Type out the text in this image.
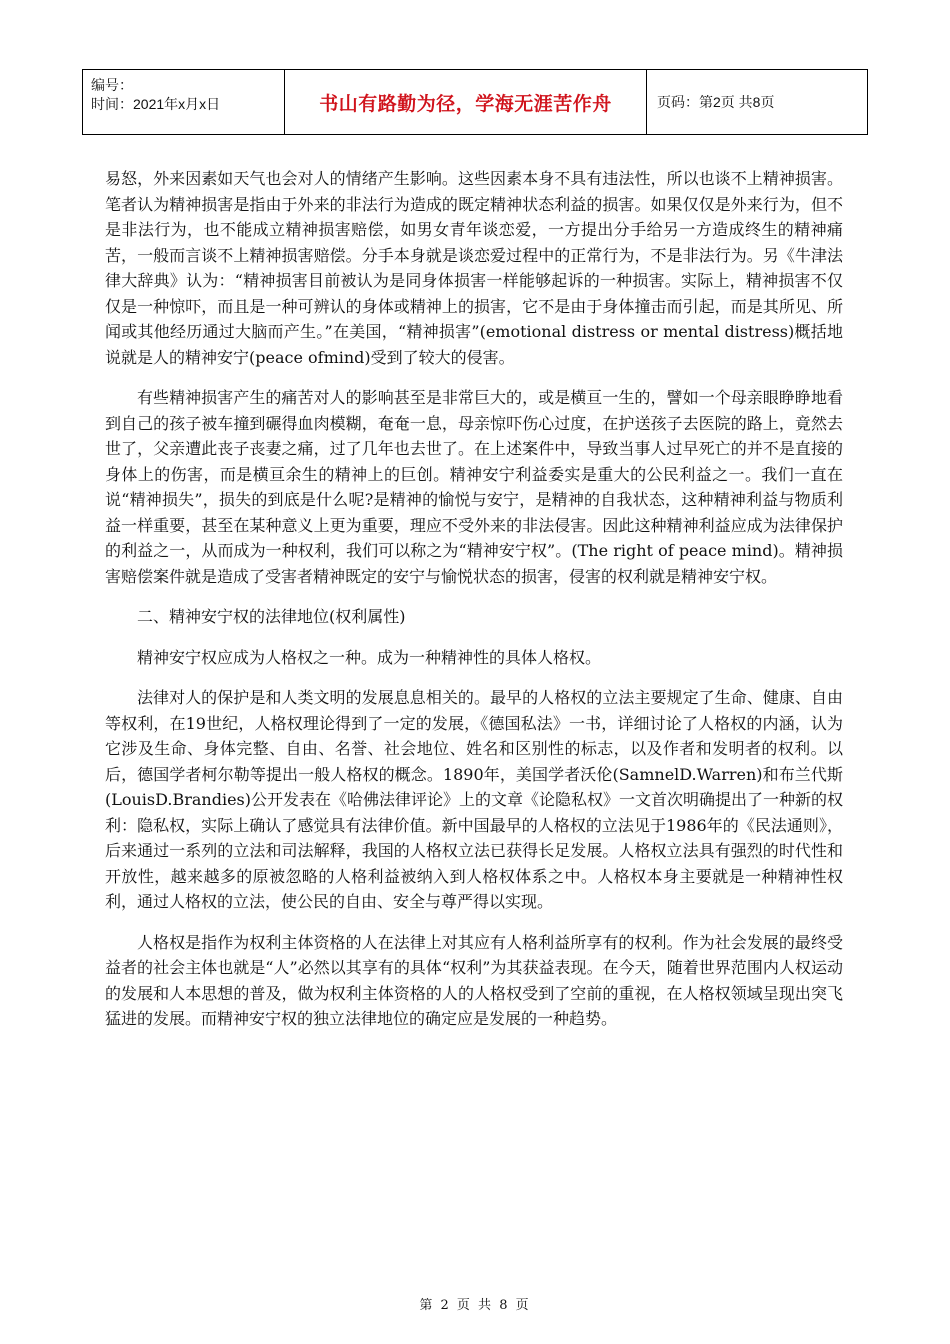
编号：
时间：2021年x月x日	书山有路勤为径，学海无涯苦作舟	页码：第2页 共8页

易怒，外来因素如天气也会对人的情绪产生影响。这些因素本身不具有违法性，所以也谈不上精神损害。笔者认为精神损害是指由于外来的非法行为造成的既定精神状态利益的损害。如果仅仅是外来行为，但不是非法行为，也不能成立精神损害赔偿，如男女青年谈恋爱，一方提出分手给另一方造成终生的精神痛苦，一般而言谈不上精神损害赔偿。分手本身就是谈恋爱过程中的正常行为，不是非法行为。另《牛津法律大辞典》认为：“精神损害目前被认为是同身体损害一样能够起诉的一种损害。实际上，精神损害不仅仅是一种惊吓，而且是一种可辨认的身体或精神上的损害，它不是由于身体撞击而引起，而是其所见、所闻或其他经历通过大脑而产生。”在美国，“精神损害”(emotional distress or mental distress)概括地说就是人的精神安宁(peace ofmind)受到了较大的侵害。

有些精神损害产生的痛苦对人的影响甚至是非常巨大的，或是横亘一生的，譬如一个母亲眼睁睁地看到自己的孩子被车撞到碾得血肉模糊，奄奄一息，母亲惊吓伤心过度，在护送孩子去医院的路上，竟然去世了，父亲遭此丧子丧妻之痛，过了几年也去世了。在上述案件中，导致当事人过早死亡的并不是直接的身体上的伤害，而是横亘余生的精神上的巨创。精神安宁利益委实是重大的公民利益之一。我们一直在说“精神损失”，损失的到底是什么呢?是精神的愉悦与安宁，是精神的自我状态，这种精神利益与物质利益一样重要，甚至在某种意义上更为重要，理应不受外来的非法侵害。因此这种精神利益应成为法律保护的利益之一，从而成为一种权利，我们可以称之为“精神安宁权”。(The right of peace mind)。精神损害赔偿案件就是造成了受害者精神既定的安宁与愉悦状态的损害，侵害的权利就是精神安宁权。

二、精神安宁权的法律地位(权利属性)

精神安宁权应成为人格权之一种。成为一种精神性的具体人格权。

法律对人的保护是和人类文明的发展息息相关的。最早的人格权的立法主要规定了生命、健康、自由等权利，在19世纪，人格权理论得到了一定的发展，《德国私法》一书，详细讨论了人格权的内涵，认为它涉及生命、身体完整、自由、名誉、社会地位、姓名和区别性的标志，以及作者和发明者的权利。以后，德国学者柯尔勒等提出一般人格权的概念。1890年，美国学者沃伦(SamnelD.Warren)和布兰代斯(LouisD.Brandies)公开发表在《哈佛法律评论》上的文章《论隐私权》一文首次明确提出了一种新的权利：隐私权，实际上确认了感觉具有法律价值。新中国最早的人格权的立法见于1986年的《民法通则》，后来通过一系列的立法和司法解释，我国的人格权立法已获得长足发展。人格权立法具有强烈的时代性和开放性，越来越多的原被忽略的人格利益被纳入到人格权体系之中。人格权本身主要就是一种精神性权利，通过人格权的立法，使公民的自由、安全与尊严得以实现。

人格权是指作为权利主体资格的人在法律上对其应有人格利益所享有的权利。作为社会发展的最终受益者的社会主体也就是“人”必然以其享有的具体“权利”为其获益表现。在今天，随着世界范围内人权运动的发展和人本思想的普及，做为权利主体资格的人的人格权受到了空前的重视，在人格权领域呈现出突飞猛进的发展。而精神安宁权的独立法律地位的确定应是发展的一种趋势。

第 2 页 共 8 页
